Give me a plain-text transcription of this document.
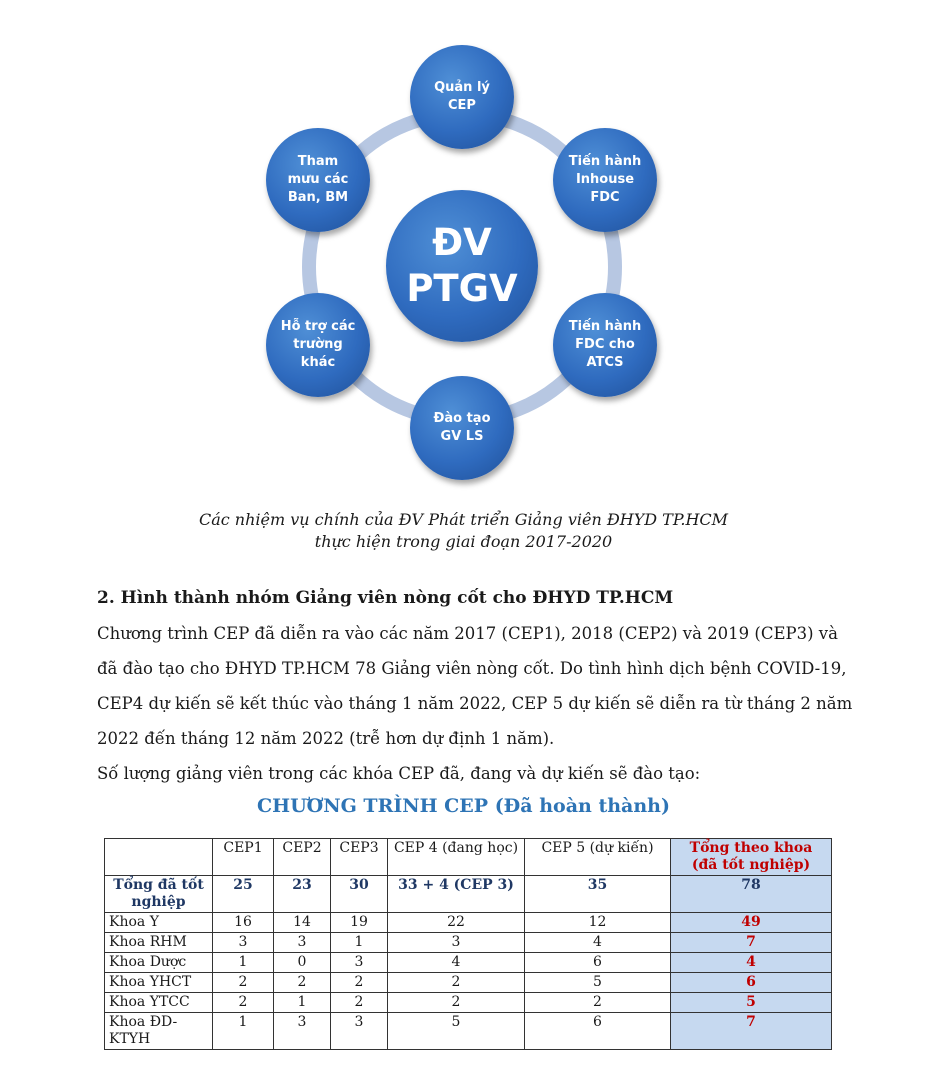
ĐV
PTGV
Quản lý
CEP
Tiến hành
Inhouse
FDC
Tiến hành
FDC cho
ATCS
Đào tạo
GV LS
Hỗ trợ các
trường
khác
Tham
mưu các
Ban, BM
Các nhiệm vụ chính của ĐV Phát triển Giảng viên ĐHYD TP.HCM
thực hiện trong giai đoạn 2017-2020
2. Hình thành nhóm Giảng viên nòng cốt cho ĐHYD TP.HCM
Chương trình CEP đã diễn ra vào các năm 2017 (CEP1), 2018 (CEP2) và 2019 (CEP3) và
đã đào tạo cho ĐHYD TP.HCM 78 Giảng viên nòng cốt. Do tình hình dịch bệnh COVID-19,
CEP4 dự kiến sẽ kết thúc vào tháng 1 năm 2022, CEP 5 dự kiến sẽ diễn ra từ tháng 2 năm
2022 đến tháng 12 năm 2022 (trễ hơn dự định 1 năm).
Số lượng giảng viên trong các khóa CEP đã, đang và dự kiến sẽ đào tạo:
CHƯƠNG TRÌNH CEP (Đã hoàn thành)
	CEP1	CEP2	CEP3	CEP 4 (đang học)	CEP 5 (dự kiến)	Tổng theo khoa (đã tốt nghiệp)
Tổng đã tốt nghiệp	25	23	30	33 + 4 (CEP 3)	35	78
Khoa Y	16	14	19	22	12	49
Khoa RHM	3	3	1	3	4	7
Khoa Dược	1	0	3	4	6	4
Khoa YHCT	2	2	2	2	5	6
Khoa YTCC	2	1	2	2	2	5
Khoa ĐD-KTYH	1	3	3	5	6	7
